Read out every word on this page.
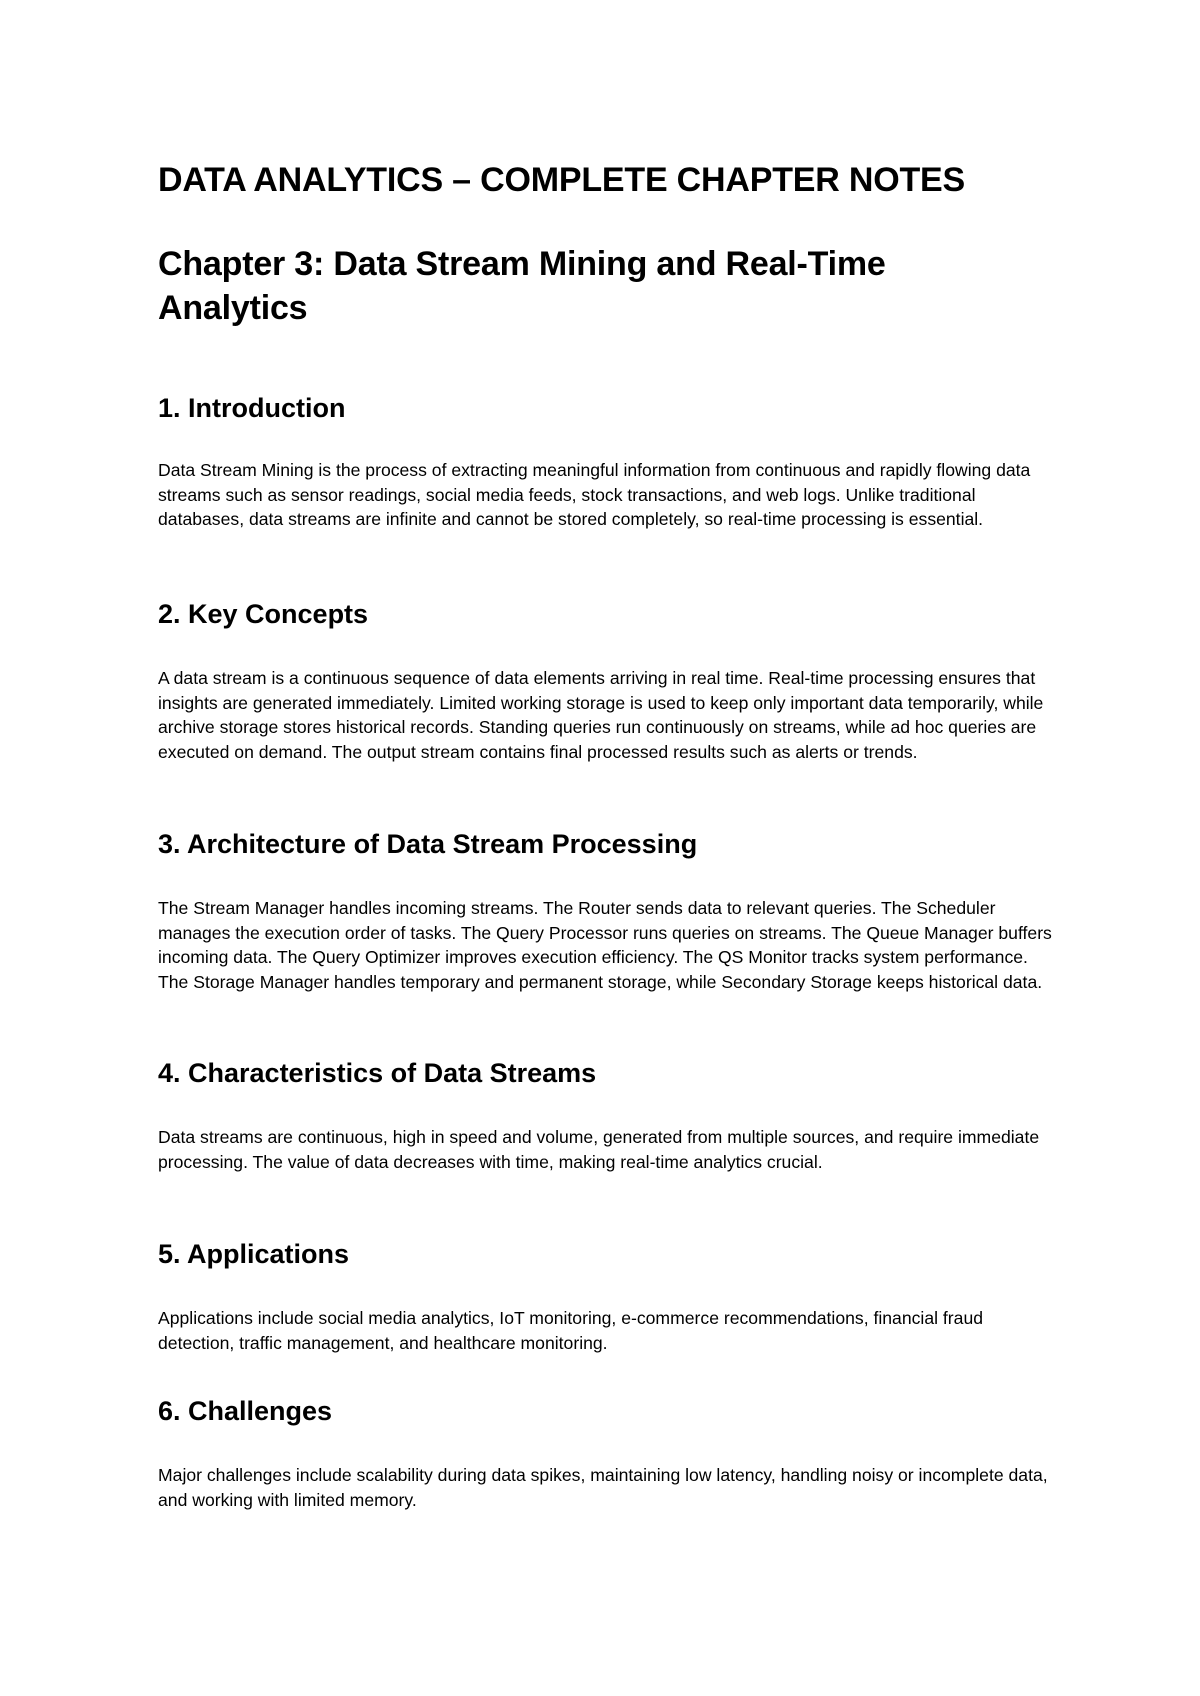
DATA ANALYTICS – COMPLETE CHAPTER NOTES
Chapter 3: Data Stream Mining and Real-Time Analytics
1. Introduction

Data Stream Mining is the process of extracting meaningful information from continuous and rapidly flowing data streams such as sensor readings, social media feeds, stock transactions, and web logs. Unlike traditional databases, data streams are infinite and cannot be stored completely, so real-time processing is essential.

2. Key Concepts

A data stream is a continuous sequence of data elements arriving in real time. Real-time processing ensures that insights are generated immediately. Limited working storage is used to keep only important data temporarily, while archive storage stores historical records. Standing queries run continuously on streams, while ad hoc queries are executed on demand. The output stream contains final processed results such as alerts or trends.

3. Architecture of Data Stream Processing

The Stream Manager handles incoming streams. The Router sends data to relevant queries. The Scheduler manages the execution order of tasks. The Query Processor runs queries on streams. The Queue Manager buffers incoming data. The Query Optimizer improves execution efficiency. The QS Monitor tracks system performance. The Storage Manager handles temporary and permanent storage, while Secondary Storage keeps historical data.

4. Characteristics of Data Streams

Data streams are continuous, high in speed and volume, generated from multiple sources, and require immediate processing. The value of data decreases with time, making real-time analytics crucial.

5. Applications

Applications include social media analytics, IoT monitoring, e-commerce recommendations, financial fraud detection, traffic management, and healthcare monitoring.

6. Challenges

Major challenges include scalability during data spikes, maintaining low latency, handling noisy or incomplete data, and working with limited memory.
